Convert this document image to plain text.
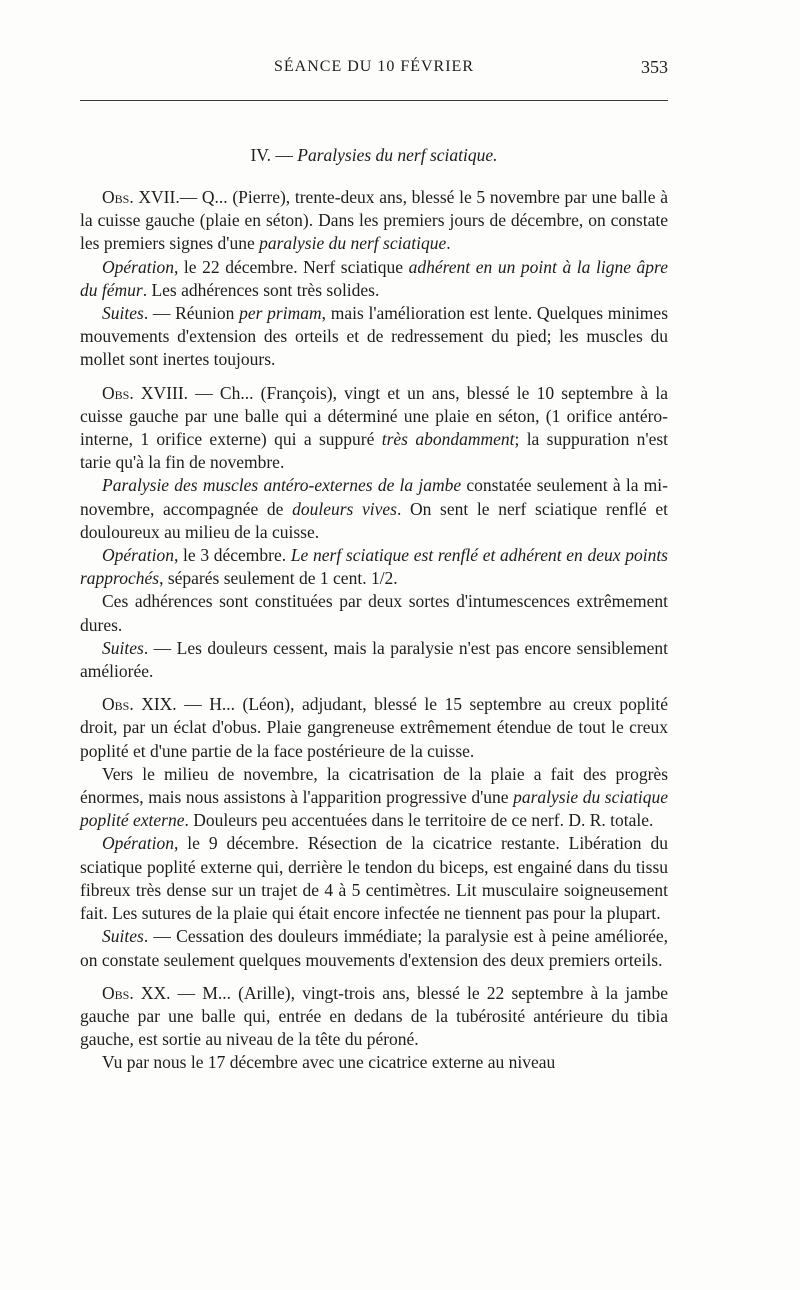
SÉANCE DU 10 FÉVRIER	353
IV. — Paralysies du nerf sciatique.

Obs. XVII.— Q... (Pierre), trente-deux ans, blessé le 5 novembre par une balle à la cuisse gauche (plaie en séton). Dans les premiers jours de décembre, on constate les premiers signes d'une paralysie du nerf sciatique.

Opération, le 22 décembre. Nerf sciatique adhérent en un point à la ligne âpre du fémur. Les adhérences sont très solides.

Suites. — Réunion per primam, mais l'amélioration est lente. Quelques minimes mouvements d'extension des orteils et de redressement du pied; les muscles du mollet sont inertes toujours.

Obs. XVIII. — Ch... (François), vingt et un ans, blessé le 10 septembre à la cuisse gauche par une balle qui a déterminé une plaie en séton, (1 orifice antéro-interne, 1 orifice externe) qui a suppuré très abondamment; la suppuration n'est tarie qu'à la fin de novembre.

Paralysie des muscles antéro-externes de la jambe constatée seulement à la mi-novembre, accompagnée de douleurs vives. On sent le nerf sciatique renflé et douloureux au milieu de la cuisse.

Opération, le 3 décembre. Le nerf sciatique est renflé et adhérent en deux points rapprochés, séparés seulement de 1 cent. 1/2.

Ces adhérences sont constituées par deux sortes d'intumescences extrêmement dures.

Suites. — Les douleurs cessent, mais la paralysie n'est pas encore sensiblement améliorée.

Obs. XIX. — H... (Léon), adjudant, blessé le 15 septembre au creux poplité droit, par un éclat d'obus. Plaie gangreneuse extrêmement étendue de tout le creux poplité et d'une partie de la face postérieure de la cuisse.

Vers le milieu de novembre, la cicatrisation de la plaie a fait des progrès énormes, mais nous assistons à l'apparition progressive d'une paralysie du sciatique poplité externe. Douleurs peu accentuées dans le territoire de ce nerf. D. R. totale.

Opération, le 9 décembre. Résection de la cicatrice restante. Libération du sciatique poplité externe qui, derrière le tendon du biceps, est engainé dans du tissu fibreux très dense sur un trajet de 4 à 5 centimètres. Lit musculaire soigneusement fait. Les sutures de la plaie qui était encore infectée ne tiennent pas pour la plupart.

Suites. — Cessation des douleurs immédiate; la paralysie est à peine améliorée, on constate seulement quelques mouvements d'extension des deux premiers orteils.

Obs. XX. — M... (Arille), vingt-trois ans, blessé le 22 septembre à la jambe gauche par une balle qui, entrée en dedans de la tubérosité antérieure du tibia gauche, est sortie au niveau de la tête du péroné.

Vu par nous le 17 décembre avec une cicatrice externe au niveau
